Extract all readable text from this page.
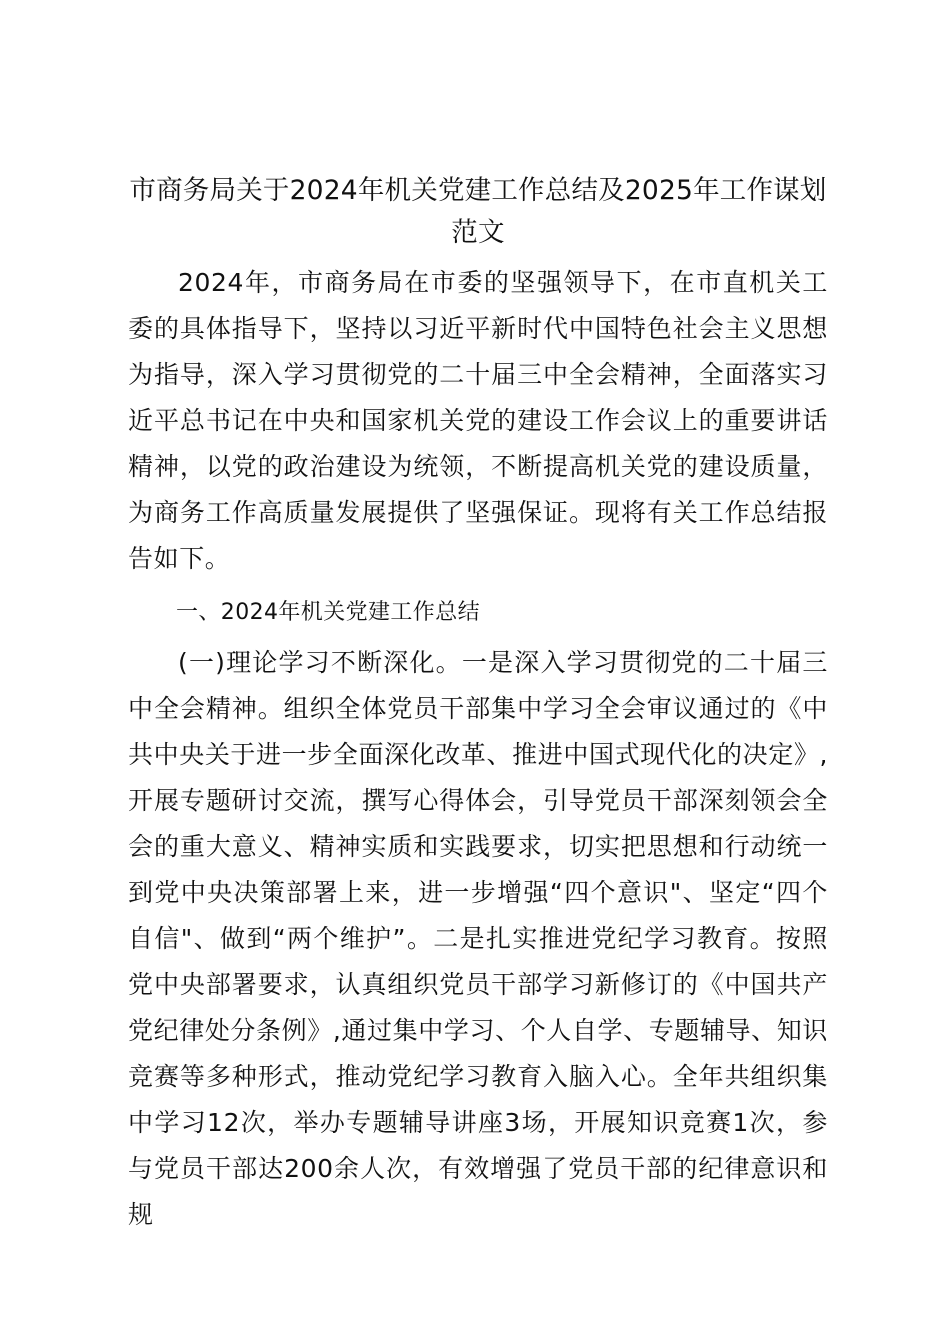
市商务局关于2024年机关党建工作总结及2025年工作谋划范文

2024年，市商务局在市委的坚强领导下，在市直机关工委的具体指导下，坚持以习近平新时代中国特色社会主义思想为指导，深入学习贯彻党的二十届三中全会精神，全面落实习近平总书记在中央和国家机关党的建设工作会议上的重要讲话精神，以党的政治建设为统领，不断提高机关党的建设质量，为商务工作高质量发展提供了坚强保证。现将有关工作总结报告如下。

一、2024年机关党建工作总结

(一)理论学习不断深化。一是深入学习贯彻党的二十届三中全会精神。组织全体党员干部集中学习全会审议通过的《中共中央关于进一步全面深化改革、推进中国式现代化的决定》,开展专题研讨交流，撰写心得体会，引导党员干部深刻领会全会的重大意义、精神实质和实践要求，切实把思想和行动统一到党中央决策部署上来，进一步增强“四个意识"、坚定“四个自信"、做到“两个维护”。二是扎实推进党纪学习教育。按照党中央部署要求，认真组织党员干部学习新修订的《中国共产党纪律处分条例》,通过集中学习、个人自学、专题辅导、知识竞赛等多种形式，推动党纪学习教育入脑入心。全年共组织集中学习12次，举办专题辅导讲座3场，开展知识竞赛1次，参与党员干部达200余人次，有效增强了党员干部的纪律意识和规
